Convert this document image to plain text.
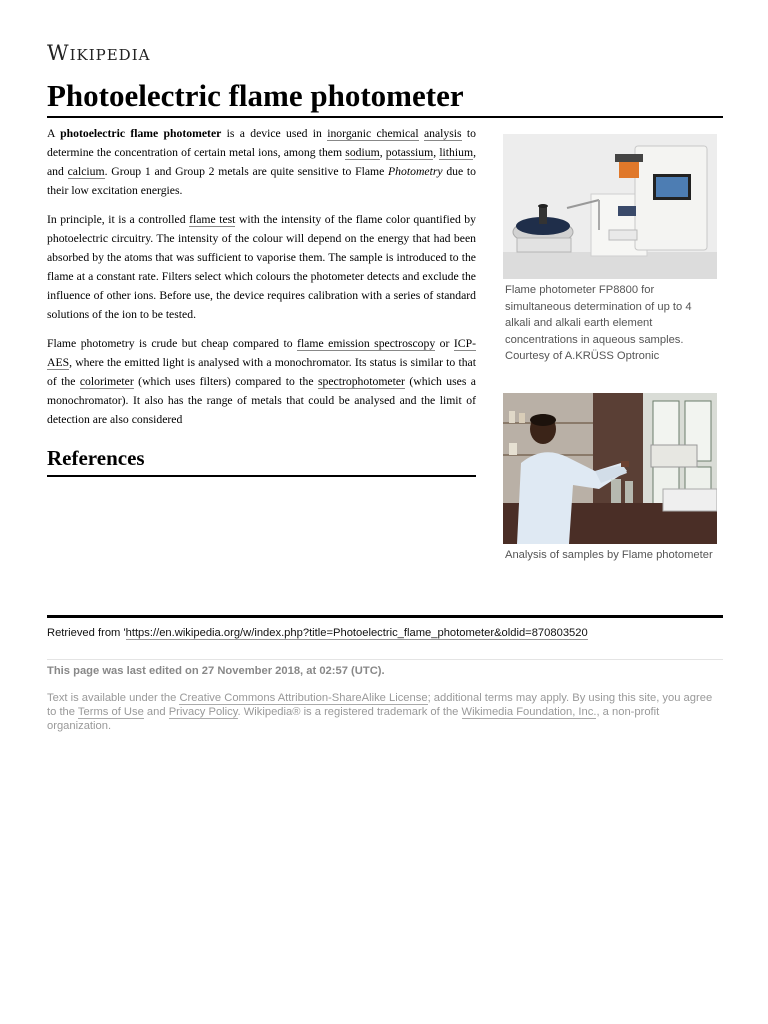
Wikipedia
Photoelectric flame photometer

A photoelectric flame photometer is a device used in inorganic chemical analysis to determine the concentration of certain metal ions, among them sodium, potassium, lithium, and calcium. Group 1 and Group 2 metals are quite sensitive to Flame Photometry due to their low excitation energies.

In principle, it is a controlled flame test with the intensity of the flame color quantified by photoelectric circuitry. The intensity of the colour will depend on the energy that had been absorbed by the atoms that was sufficient to vaporise them. The sample is introduced to the flame at a constant rate. Filters select which colours the photometer detects and exclude the influence of other ions. Before use, the device requires calibration with a series of standard solutions of the ion to be tested.

Flame photometry is crude but cheap compared to flame emission spectroscopy or ICP-AES, where the emitted light is analysed with a monochromator. Its status is similar to that of the colorimeter (which uses filters) compared to the spectrophotometer (which uses a monochromator). It also has the range of metals that could be analysed and the limit of detection are also considered

References
Flame photometer FP8800 for simultaneous determination of up to 4 alkali and alkali earth element concentrations in aqueous samples. Courtesy of A.KRÜSS Optronic
Analysis of samples by Flame photometer
Retrieved from 'https://en.wikipedia.org/w/index.php?title=Photoelectric_flame_photometer&oldid=870803520
This page was last edited on 27 November 2018, at 02:57 (UTC).
Text is available under the Creative Commons Attribution-ShareAlike License; additional terms may apply. By using this site, you agree to the Terms of Use and Privacy Policy. Wikipedia® is a registered trademark of the Wikimedia Foundation, Inc., a non-profit organization.
